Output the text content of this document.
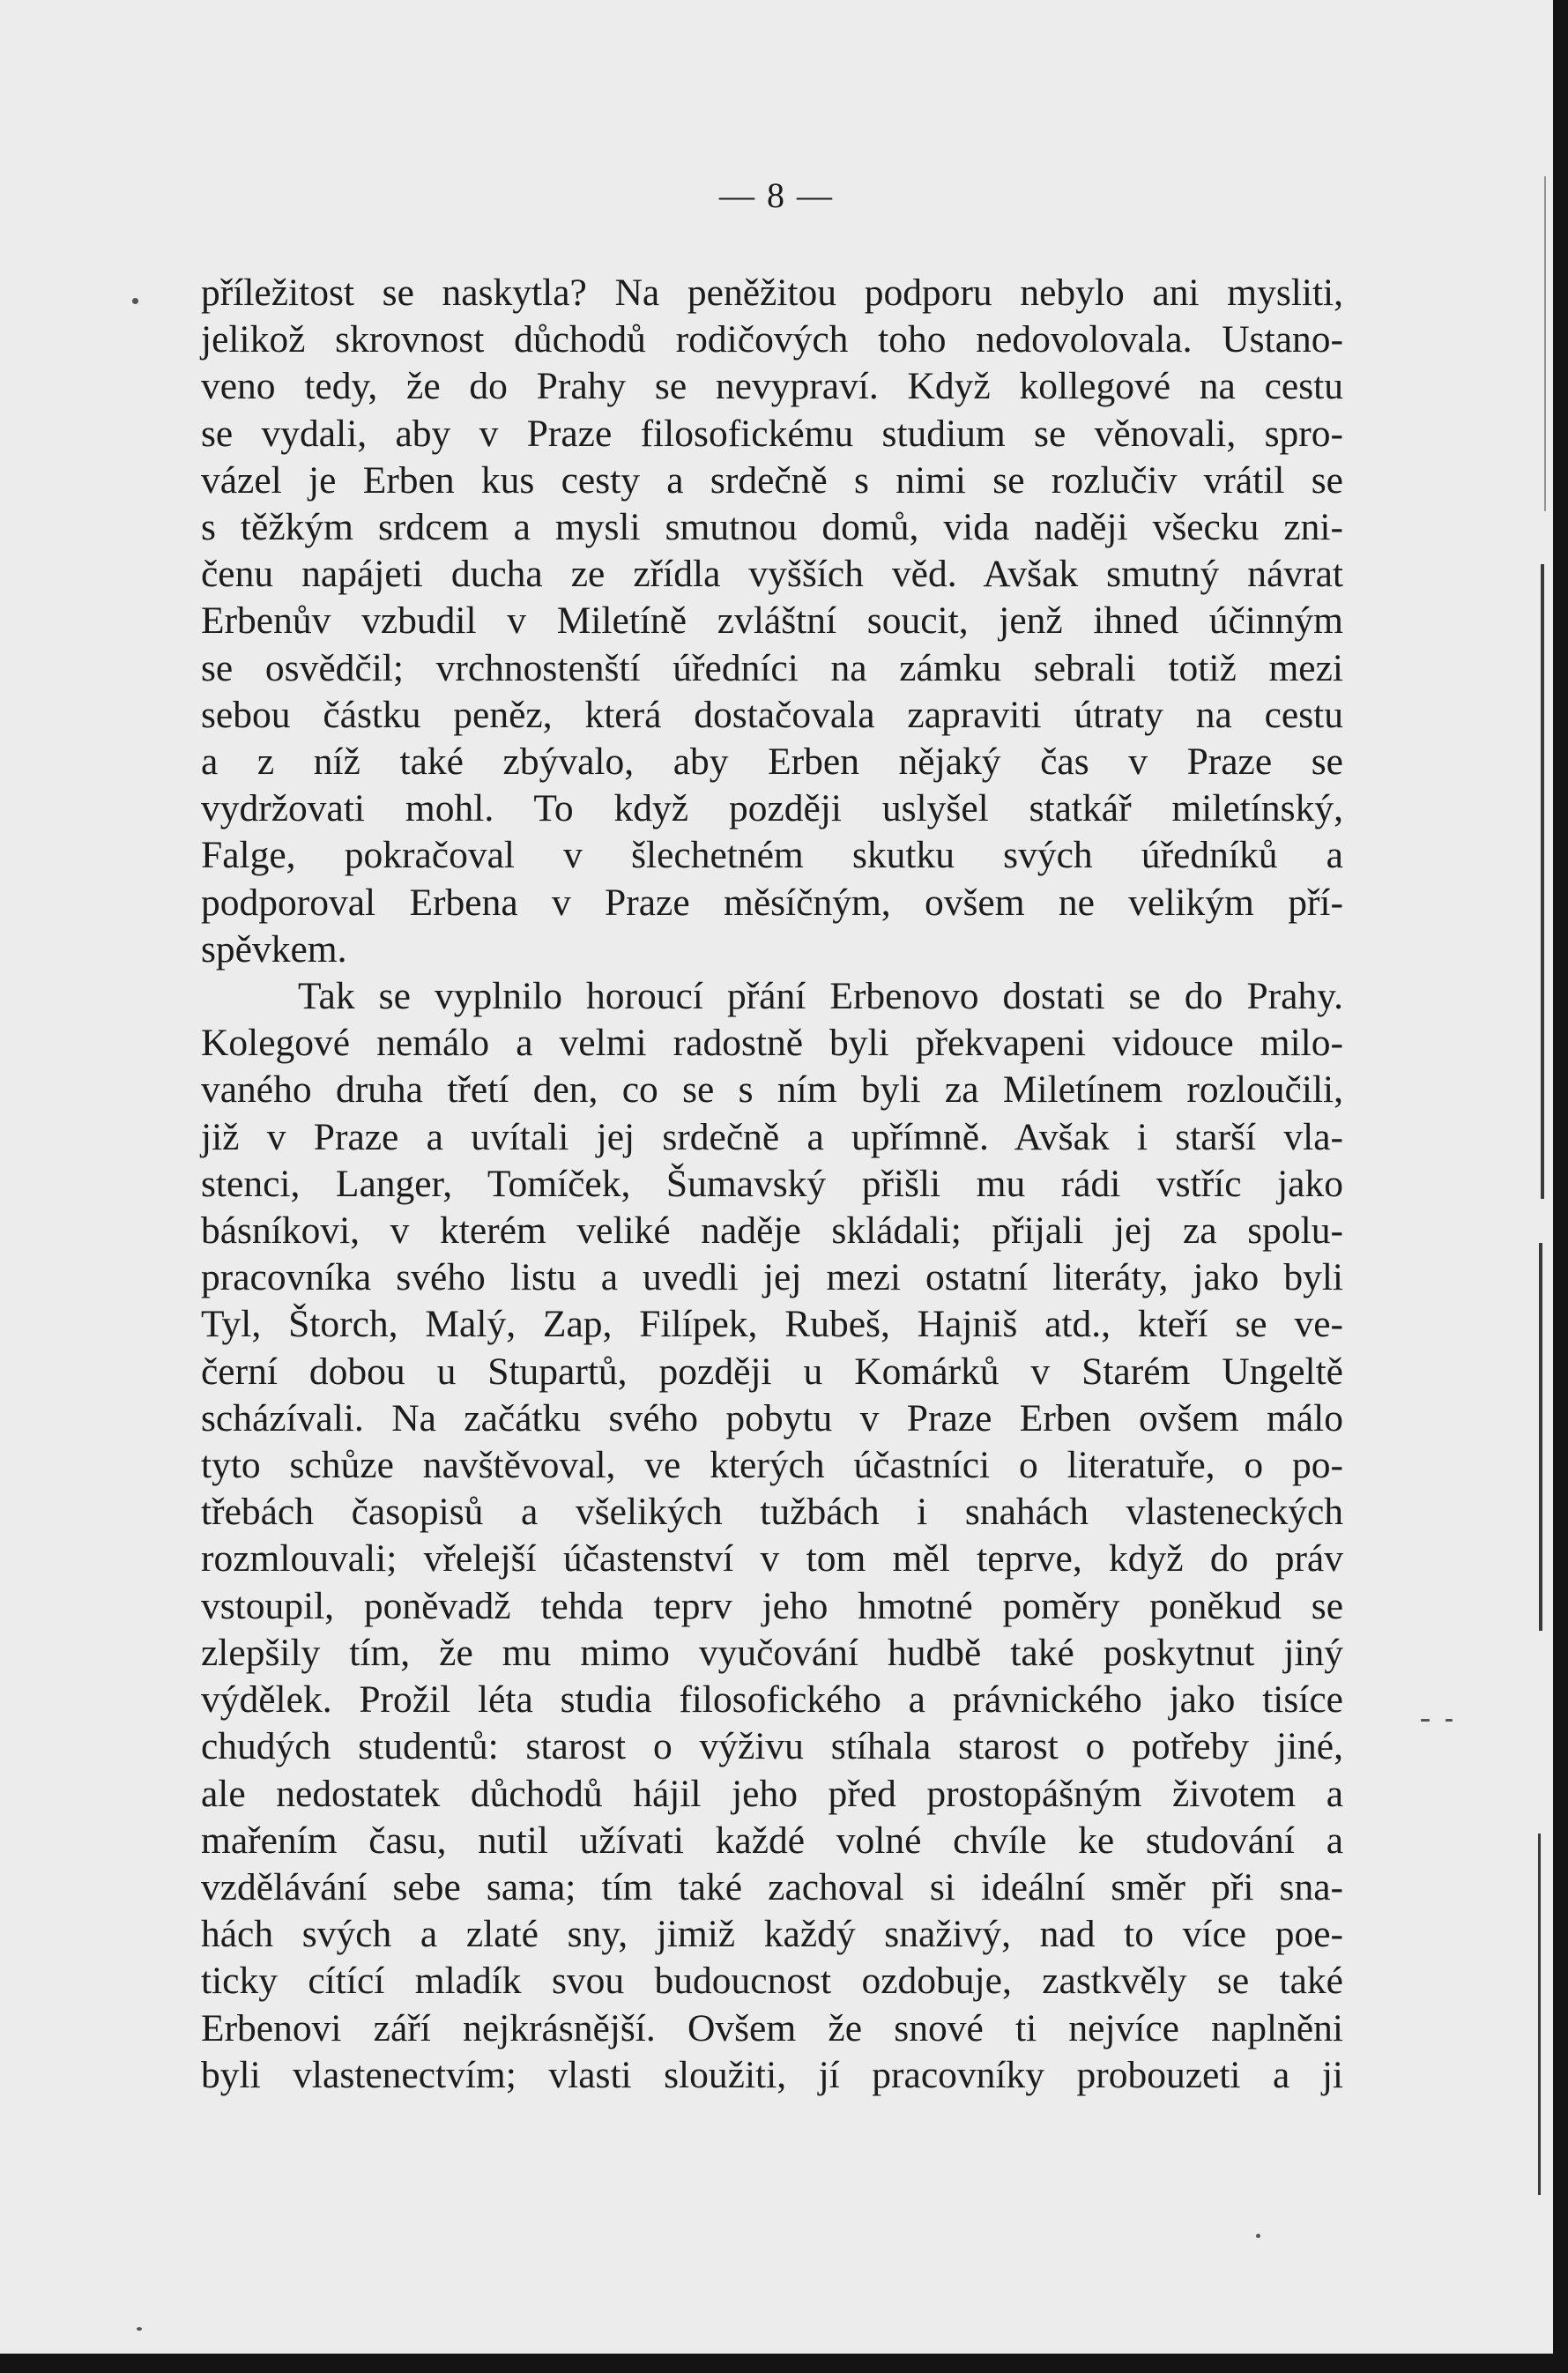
— 8 —

příležitost se naskytla? Na peněžitou podporu nebylo ani mysliti,

jelikož skrovnost důchodů rodičových toho nedovolovala. Ustano-

veno tedy, že do Prahy se nevypraví. Když kollegové na cestu

se vydali, aby v Praze filosofickému studium se věnovali, spro-

vázel je Erben kus cesty a srdečně s nimi se rozlučiv vrátil se

s těžkým srdcem a mysli smutnou domů, vida naději všecku zni-

čenu napájeti ducha ze zřídla vyšších věd. Avšak smutný návrat

Erbenův vzbudil v Miletíně zvláštní soucit, jenž ihned účinným

se osvědčil; vrchnostenští úředníci na zámku sebrali totiž mezi

sebou částku peněz, která dostačovala zapraviti útraty na cestu

a z níž také zbývalo, aby Erben nějaký čas v Praze se

vydržovati mohl. To když později uslyšel statkář miletínský,

Falge, pokračoval v šlechetném skutku svých úředníků a

podporoval Erbena v Praze měsíčným, ovšem ne velikým pří-

spěvkem.

Tak se vyplnilo horoucí přání Erbenovo dostati se do Prahy.

Kolegové nemálo a velmi radostně byli překvapeni vidouce milo-

vaného druha třetí den, co se s ním byli za Miletínem rozloučili,

již v Praze a uvítali jej srdečně a upřímně. Avšak i starší vla-

stenci, Langer, Tomíček, Šumavský přišli mu rádi vstříc jako

básníkovi, v kterém veliké naděje skládali; přijali jej za spolu-

pracovníka svého listu a uvedli jej mezi ostatní literáty, jako byli

Tyl, Štorch, Malý, Zap, Filípek, Rubeš, Hajniš atd., kteří se ve-

černí dobou u Stupartů, později u Komárků v Starém Ungeltě

scházívali. Na začátku svého pobytu v Praze Erben ovšem málo

tyto schůze navštěvoval, ve kterých účastníci o literatuře, o po-

třebách časopisů a všelikých tužbách i snahách vlasteneckých

rozmlouvali; vřelejší účastenství v tom měl teprve, když do práv

vstoupil, poněvadž tehda teprv jeho hmotné poměry poněkud se

zlepšily tím, že mu mimo vyučování hudbě také poskytnut jiný

výdělek. Prožil léta studia filosofického a právnického jako tisíce

chudých studentů: starost o výživu stíhala starost o potřeby jiné,

ale nedostatek důchodů hájil jeho před prostopášným životem a

mařením času, nutil užívati každé volné chvíle ke studování a

vzdělávání sebe sama; tím také zachoval si ideální směr při sna-

hách svých a zlaté sny, jimiž každý snaživý, nad to více poe-

ticky cítící mladík svou budoucnost ozdobuje, zastkvěly se také

Erbenovi září nejkrásnější. Ovšem že snové ti nejvíce naplněni

byli vlastenectvím; vlasti sloužiti, jí pracovníky probouzeti a ji
